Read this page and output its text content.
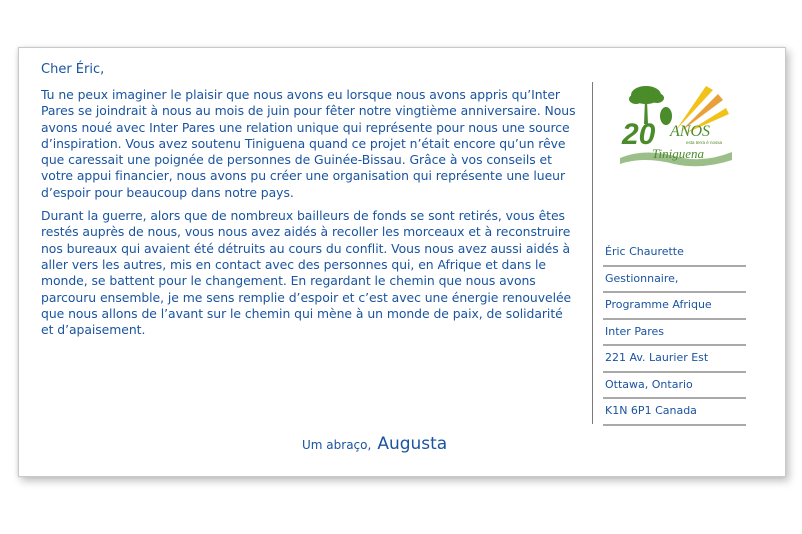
Cher Éric,

Tu ne peux imaginer le plaisir que nous avons eu lorsque nous avons appris qu’Inter Pares se joindrait à nous au mois de juin pour fêter notre vingtième anniversaire. Nous avons noué avec Inter Pares une relation unique qui représente pour nous une source d’inspiration. Vous avez soutenu Tiniguena quand ce projet n’était encore qu’un rêve que caressait une poignée de personnes de Guinée-Bissau. Grâce à vos conseils et votre appui financier, nous avons pu créer une organisation qui représente une lueur d’espoir pour beaucoup dans notre pays.

Durant la guerre, alors que de nombreux bailleurs de fonds se sont retirés, vous êtes restés auprès de nous, vous nous avez aidés à recoller les morceaux et à reconstruire nos bureaux qui avaient été détruits au cours du conflit. Vous nous avez aussi aidés à aller vers les autres, mis en contact avec des personnes qui, en Afrique et dans le monde, se battent pour le changement. En regardant le chemin que nous avons parcouru ensemble, je me sens remplie d’espoir et c’est avec une énergie renouvelée que nous allons de l’avant sur le chemin qui mène à un monde de paix, de solidarité et d’apaisement.

Um abraço, Augusta
20 ANOS
esta terra é nossa
Tiniguena
Éric Chaurette
Gestionnaire,
Programme Afrique
Inter Pares
221 Av. Laurier Est
Ottawa, Ontario
K1N 6P1 Canada
